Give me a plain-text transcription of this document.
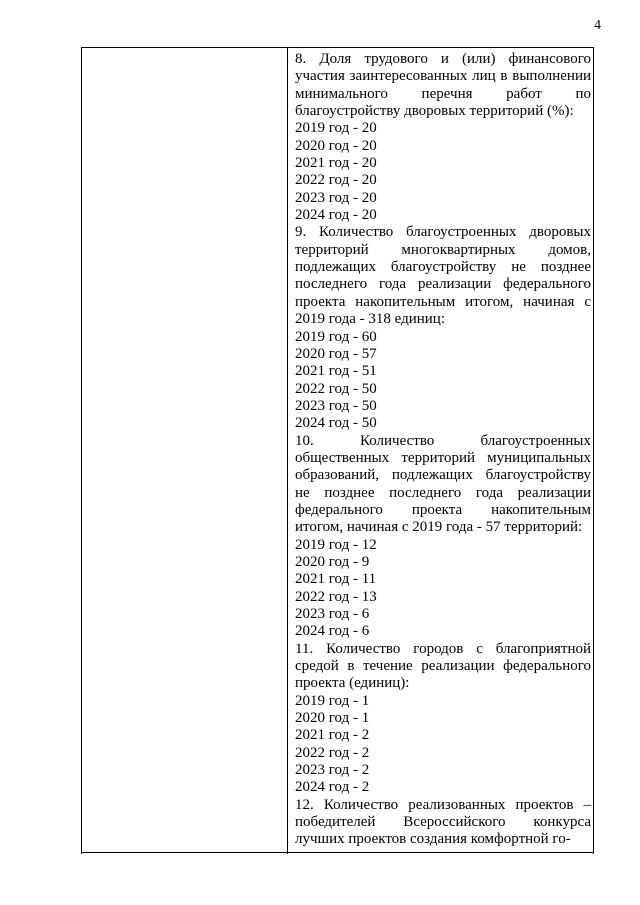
4
8. Доля трудового и (или) финансового участия заинтересованных лиц в выполнении минимального перечня работ по благоустройству дворовых территорий (%):
2019 год - 20
2020 год - 20
2021 год - 20
2022 год - 20
2023 год - 20
2024 год - 20
9. Количество благоустроенных дворовых территорий многоквартирных домов, подлежащих благоустройству не позднее последнего года реализации федерального проекта накопительным итогом, начиная с 2019 года - 318 единиц:
2019 год - 60
2020 год - 57
2021 год - 51
2022 год - 50
2023 год - 50
2024 год - 50
10. Количество благоустроенных общественных территорий муниципальных образований, подлежащих благоустройству не позднее последнего года реализации федерального проекта накопительным итогом, начиная с 2019 года - 57 территорий:
2019 год - 12
2020 год - 9
2021 год - 11
2022 год - 13
2023 год - 6
2024 год - 6
11. Количество городов с благоприятной средой в течение реализации федерального проекта (единиц):
2019 год - 1
2020 год - 1
2021 год - 2
2022 год - 2
2023 год - 2
2024 год - 2
12. Количество реализованных проектов – победителей Всероссийского конкурса лучших проектов создания комфортной го-
